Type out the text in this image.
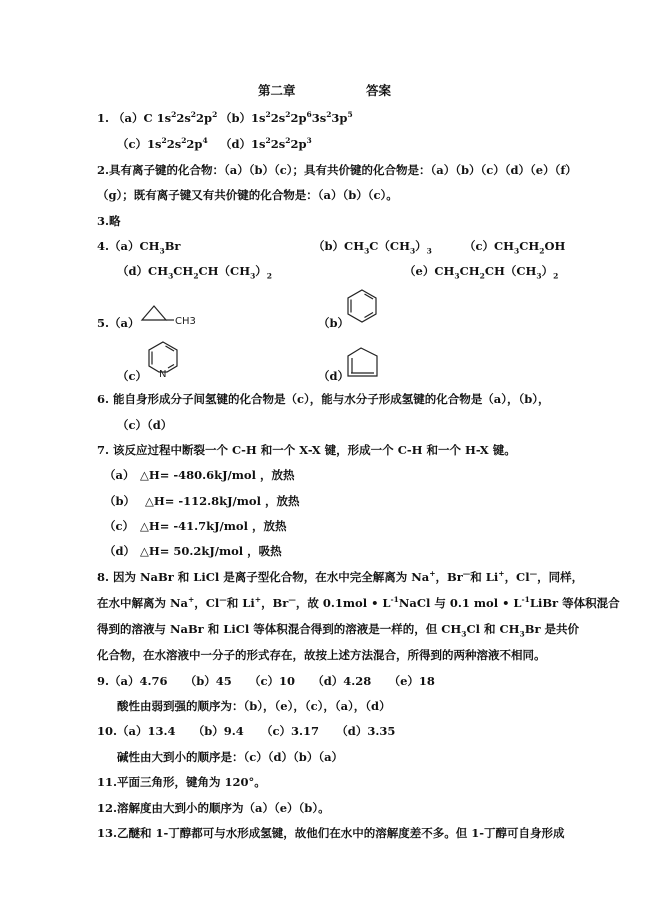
第二章	答案
1. （a）C $1s^22s^22p^2$ $(b)1s^22s^22p^63s^23p^5$
$(c)1s^22s^22p^4$ $(d)1s^22s^22p^3$
2.具有离子键的化合物：（a）（b）（c）；具有共价键的化合物是：（a）（b）（c）（d）（e）（f）
（g）；既有离子键又有共价键的化合物是：（a）（b）（c）。
3.略
$4.(a)CH_3Br$	$(b)CH_3C(CH_3)_3$	$(c)CH_3CH_2OH$
$(d)CH_3CH_2CH(CH_3)_2$	$(e)CH_3CH_2CH(CH_3)_2$
5.（a）	CH3	（b）
（c） N	（d）
6. 能自身形成分子间氢键的化合物是（c），能与水分子形成氢键的化合物是（a），（b），
（c）（d）
7. 该反应过程中断裂一个 C-H 和一个 X-X 键，形成一个 C-H 和一个 H-X 键。
（a） △H= -480.6kJ/mol ，放热
（b） △H= -112.8kJ/mol ，放热
（c） △H= -41.7kJ/mol ，放热
（d） △H= 50.2kJ/mol ，吸热
8. 因为 NaBr 和 LiCl 是离子型化合物，在水中完全解离为 Na+，Br—和 Li+，Cl—，同样，
在水中解离为 Na+，Cl—和 Li+，Br—，故 0.1mol • $L^{-1}NaCl$ 与 0.1 mol • $L^{-1}LiBr$ 等体积混合
得到的溶液与 NaBr 和 LiCl 等体积混合得到的溶液是一样的，但 $CH_3Cl$ 和 $CH_3Br$ 是共价
化合物，在水溶液中一分子的形式存在，故按上述方法混合，所得到的两种溶液不相同。
9.（a）4.76　　（b）45　　（c）10　　（d）4.28　　（e）18
酸性由弱到强的顺序为：（b），（e），（c），（a），（d）
10.（a）13.4　　（b）9.4　　（c）3.17　　（d）3.35
碱性由大到小的顺序是：（c）（d）（b）（a）
11.平面三角形，键角为 120°。
12.溶解度由大到小的顺序为（a）（e）（b）。
13.乙醚和 1-丁醇都可与水形成氢键，故他们在水中的溶解度差不多。但 1-丁醇可自身形成
